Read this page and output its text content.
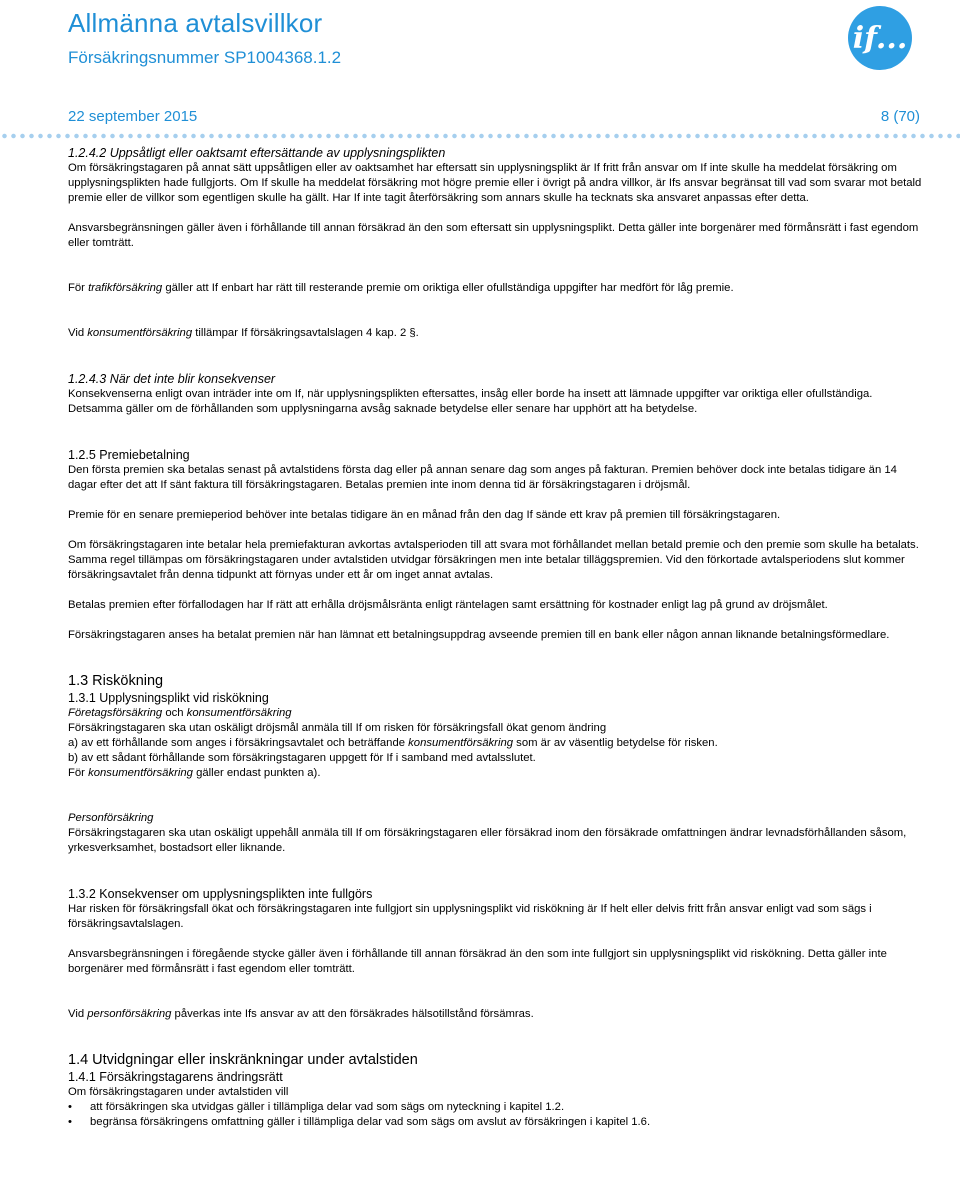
Allmänna avtalsvillkor
Försäkringsnummer SP1004368.1.2
if...
22 september 2015	8 (70)

1.2.4.2 Uppsåtligt eller oaktsamt eftersättande av upplysningsplikten

Om försäkringstagaren på annat sätt uppsåtligen eller av oaktsamhet har eftersatt sin upplysningsplikt är If fritt från ansvar om If inte skulle ha meddelat försäkring om upplysningsplikten hade fullgjorts. Om If skulle ha meddelat försäkring mot högre premie eller i övrigt på andra villkor, är Ifs ansvar begränsat till vad som svarar mot betald premie eller de villkor som egentligen skulle ha gällt. Har If inte tagit återförsäkring som annars skulle ha tecknats ska ansvaret anpassas efter detta.

Ansvarsbegränsningen gäller även i förhållande till annan försäkrad än den som eftersatt sin upplysningsplikt. Detta gäller inte borgenärer med förmånsrätt i fast egendom eller tomträtt.

För trafikförsäkring gäller att If enbart har rätt till resterande premie om oriktiga eller ofullständiga uppgifter har medfört för låg premie.

Vid konsumentförsäkring tillämpar If försäkringsavtalslagen 4 kap. 2 §.

1.2.4.3 När det inte blir konsekvenser

Konsekvenserna enligt ovan inträder inte om If, när upplysningsplikten eftersattes, insåg eller borde ha insett att lämnade uppgifter var oriktiga eller ofullständiga. Detsamma gäller om de förhållanden som upplysningarna avsåg saknade betydelse eller senare har upphört att ha betydelse.

1.2.5 Premiebetalning

Den första premien ska betalas senast på avtalstidens första dag eller på annan senare dag som anges på fakturan. Premien behöver dock inte betalas tidigare än 14 dagar efter det att If sänt faktura till försäkringstagaren. Betalas premien inte inom denna tid är försäkringstagaren i dröjsmål.

Premie för en senare premieperiod behöver inte betalas tidigare än en månad från den dag If sände ett krav på premien till försäkringstagaren.

Om försäkringstagaren inte betalar hela premiefakturan avkortas avtalsperioden till att svara mot förhållandet mellan betald premie och den premie som skulle ha betalats. Samma regel tillämpas om försäkringstagaren under avtalstiden utvidgar försäkringen men inte betalar tilläggspremien. Vid den förkortade avtalsperiodens slut kommer försäkringsavtalet från denna tidpunkt att förnyas under ett år om inget annat avtalas.

Betalas premien efter förfallodagen har If rätt att erhålla dröjsmålsränta enligt räntelagen samt ersättning för kostnader enligt lag på grund av dröjsmålet.

Försäkringstagaren anses ha betalat premien när han lämnat ett betalningsuppdrag avseende premien till en bank eller någon annan liknande betalningsförmedlare.

1.3 Riskökning

1.3.1 Upplysningsplikt vid riskökning

Företagsförsäkring och konsumentförsäkring

Försäkringstagaren ska utan oskäligt dröjsmål anmäla till If om risken för försäkringsfall ökat genom ändring

a) av ett förhållande som anges i försäkringsavtalet och beträffande konsumentförsäkring som är av väsentlig betydelse för risken.

b) av ett sådant förhållande som försäkringstagaren uppgett för If i samband med avtalsslutet.

För konsumentförsäkring gäller endast punkten a).

Personförsäkring

Försäkringstagaren ska utan oskäligt uppehåll anmäla till If om försäkringstagaren eller försäkrad inom den försäkrade omfattningen ändrar levnadsförhållanden såsom, yrkesverksamhet, bostadsort eller liknande.

1.3.2 Konsekvenser om upplysningsplikten inte fullgörs

Har risken för försäkringsfall ökat och försäkringstagaren inte fullgjort sin upplysningsplikt vid riskökning är If helt eller delvis fritt från ansvar enligt vad som sägs i försäkringsavtalslagen.

Ansvarsbegränsningen i föregående stycke gäller även i förhållande till annan försäkrad än den som inte fullgjort sin upplysningsplikt vid riskökning. Detta gäller inte borgenärer med förmånsrätt i fast egendom eller tomträtt.

Vid personförsäkring påverkas inte Ifs ansvar av att den försäkrades hälsotillstånd försämras.

1.4 Utvidgningar eller inskränkningar under avtalstiden

1.4.1 Försäkringstagarens ändringsrätt

Om försäkringstagaren under avtalstiden vill

• att försäkringen ska utvidgas gäller i tillämpliga delar vad som sägs om nyteckning i kapitel 1.2.
• begränsa försäkringens omfattning gäller i tillämpliga delar vad som sägs om avslut av försäkringen i kapitel 1.6.
